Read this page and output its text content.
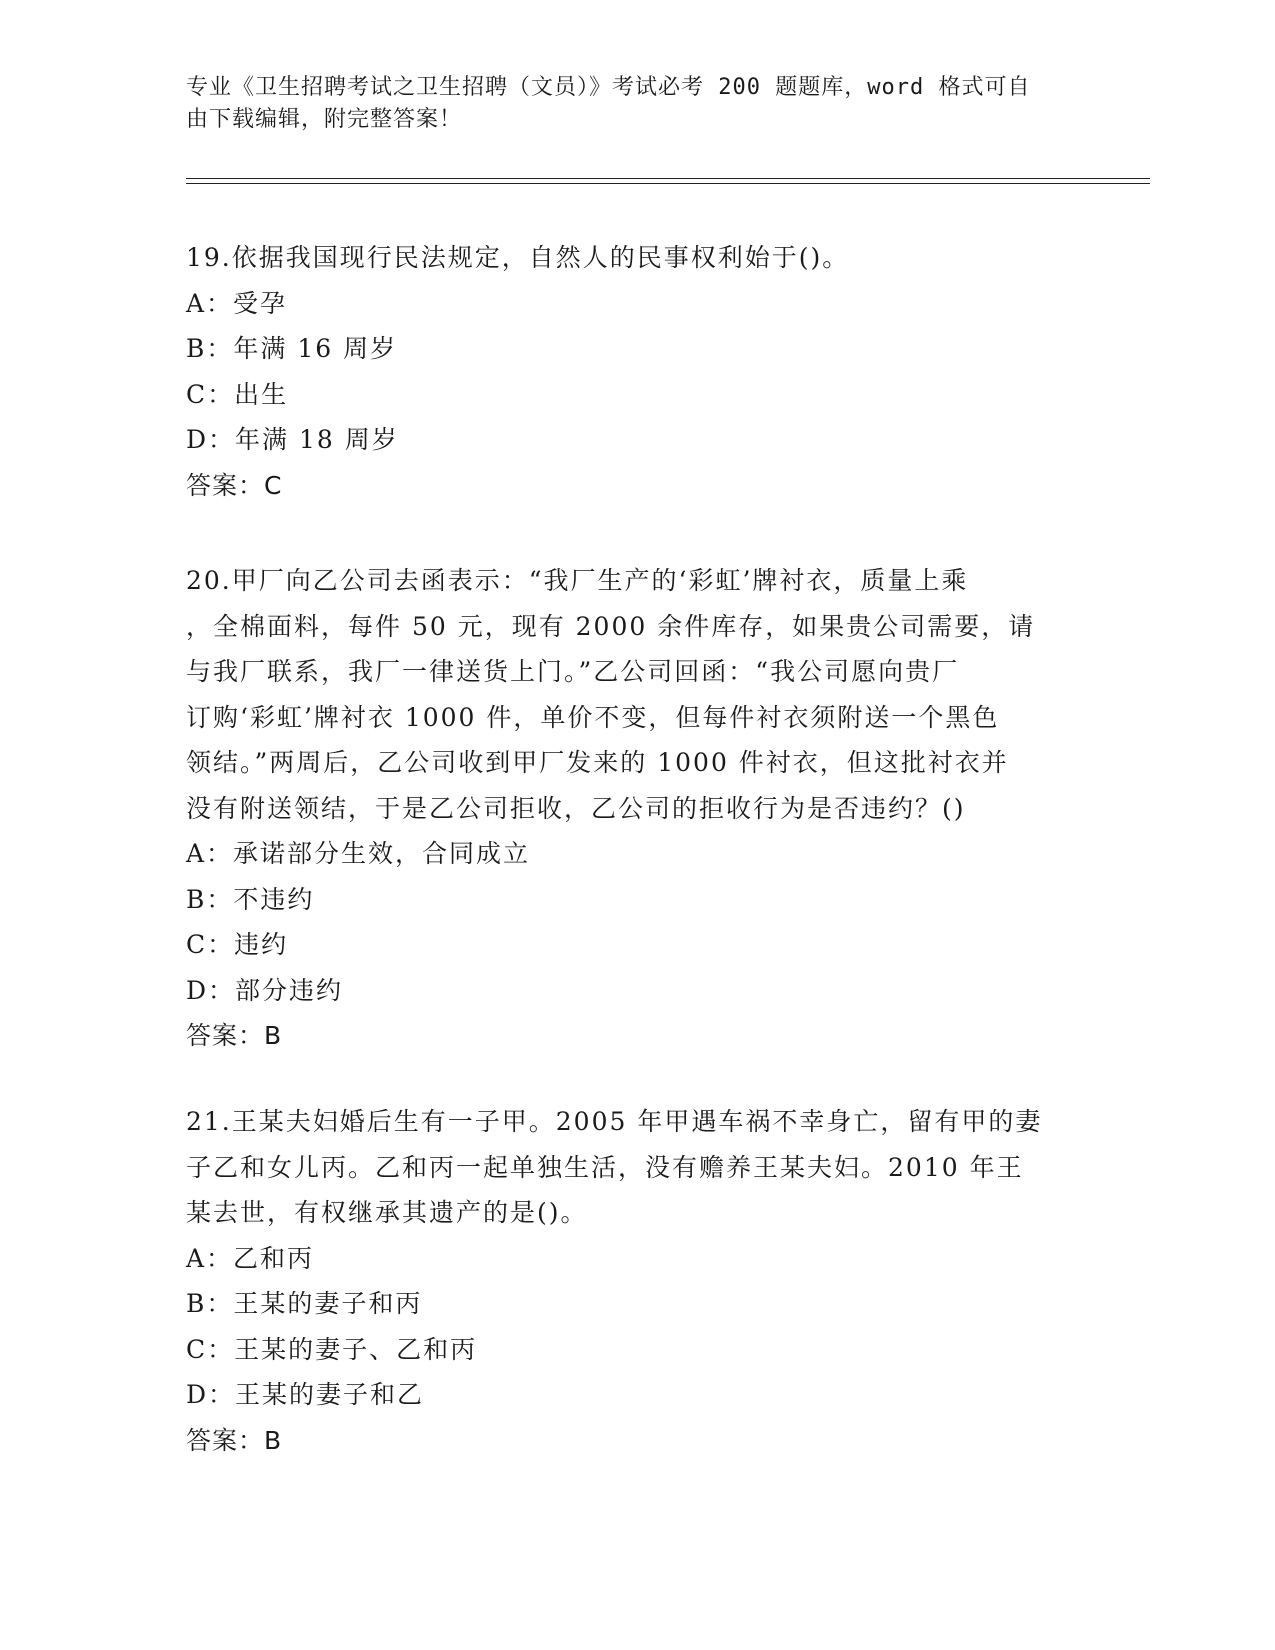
专业《卫生招聘考试之卫生招聘（文员）》考试必考 200 题题库，word 格式可自
由下载编辑，附完整答案！
19.依据我国现行民法规定，自然人的民事权利始于()。
A：受孕
B：年满 16 周岁
C：出生
D：年满 18 周岁
答案：C
20.甲厂向乙公司去函表示：“我厂生产的‘彩虹’牌衬衣，质量上乘
，全棉面料，每件 50 元，现有 2000 余件库存，如果贵公司需要，请
与我厂联系，我厂一律送货上门。”乙公司回函：“我公司愿向贵厂
订购‘彩虹’牌衬衣 1000 件，单价不变，但每件衬衣须附送一个黑色
领结。”两周后，乙公司收到甲厂发来的 1000 件衬衣，但这批衬衣并
没有附送领结，于是乙公司拒收，乙公司的拒收行为是否违约？()
A：承诺部分生效，合同成立
B：不违约
C：违约
D：部分违约
答案：B
21.王某夫妇婚后生有一子甲。2005 年甲遇车祸不幸身亡，留有甲的妻
子乙和女儿丙。乙和丙一起单独生活，没有赡养王某夫妇。2010 年王
某去世，有权继承其遗产的是()。
A：乙和丙
B：王某的妻子和丙
C：王某的妻子、乙和丙
D：王某的妻子和乙
答案：B
